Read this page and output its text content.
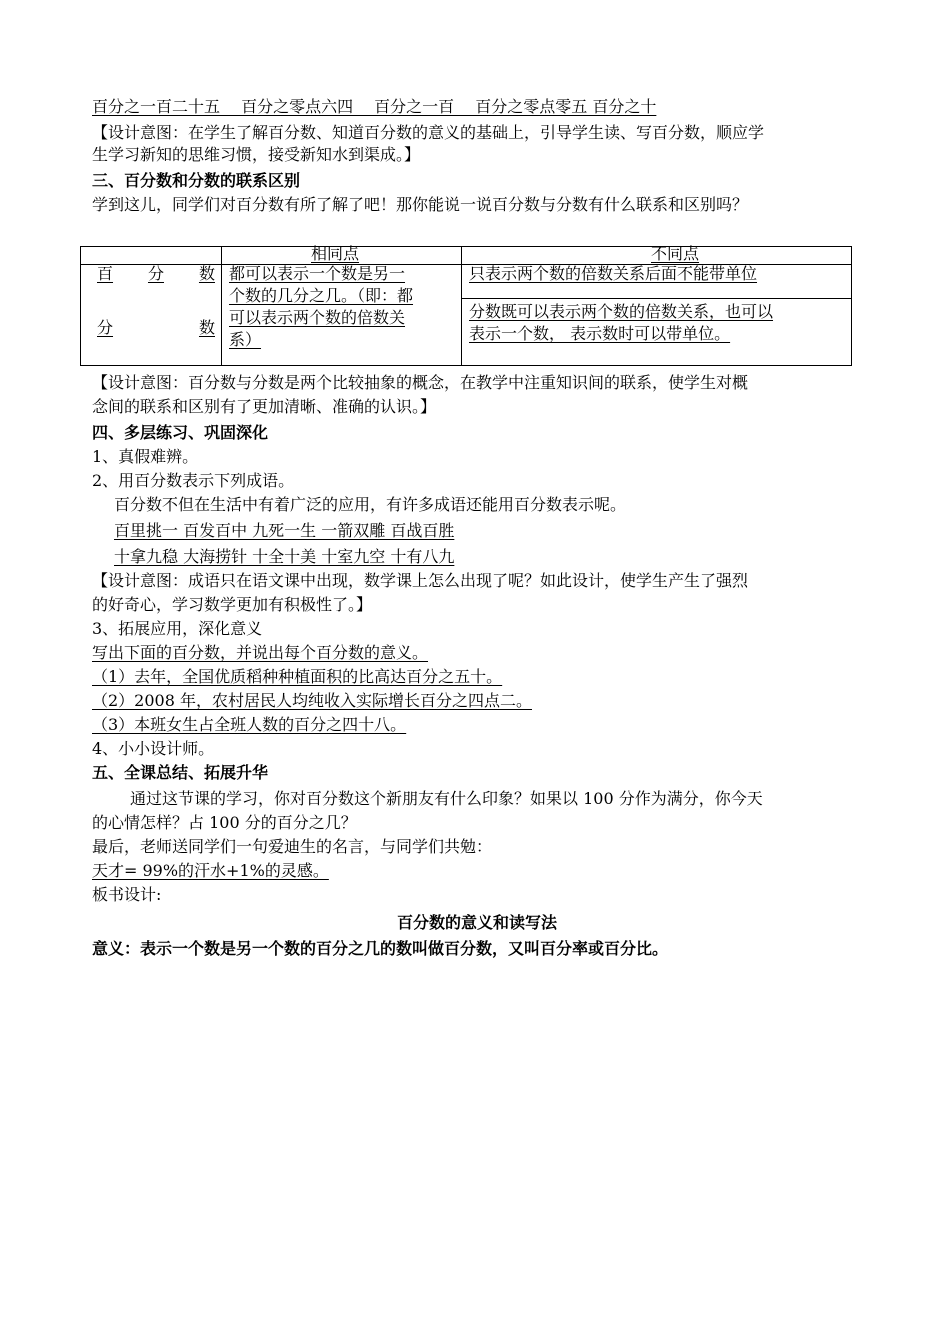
百分之一百二十五　 百分之零点六四　 百分之一百　 百分之零点零五 百分之十
【设计意图：在学生了解百分数、知道百分数的意义的基础上，引导学生读、写百分数，顺应学
生学习新知的思维习惯，接受新知水到渠成。】
三、百分数和分数的联系区别
学到这儿，同学们对百分数有所了解了吧！那你能说一说百分数与分数有什么联系和区别吗？
相同点	不同点
百 分 数
分	数
都可以表示一个数是另一
个数的几分之几。（即：都
可以表示两个数的倍数关
系）
只表示两个数的倍数关系后面不能带单位
分数既可以表示两个数的倍数关系，也可以
表示一个数， 表示数时可以带单位。
【设计意图：百分数与分数是两个比较抽象的概念，在教学中注重知识间的联系，使学生对概
念间的联系和区别有了更加清晰、准确的认识。】
四、多层练习、巩固深化
1、真假难辨。
2、用百分数表示下列成语。
百分数不但在生活中有着广泛的应用，有许多成语还能用百分数表示呢。
百里挑一 百发百中 九死一生 一箭双雕 百战百胜
十拿九稳 大海捞针 十全十美 十室九空 十有八九
【设计意图：成语只在语文课中出现，数学课上怎么出现了呢？如此设计，使学生产生了强烈
的好奇心，学习数学更加有积极性了。】
3、拓展应用，深化意义
写出下面的百分数，并说出每个百分数的意义。
（1）去年，全国优质稻种种植面积的比高达百分之五十。
（2）2008 年，农村居民人均纯收入实际增长百分之四点二。
（3）本班女生占全班人数的百分之四十八。
4、小小设计师。
五、全课总结、拓展升华
通过这节课的学习，你对百分数这个新朋友有什么印象？如果以 100 分作为满分，你今天
的心情怎样？占 100 分的百分之几？
最后，老师送同学们一句爱迪生的名言，与同学们共勉：
天才= 99%的汗水+1%的灵感。
板书设计:
百分数的意义和读写法
意义：表示一个数是另一个数的百分之几的数叫做百分数，又叫百分率或百分比。
